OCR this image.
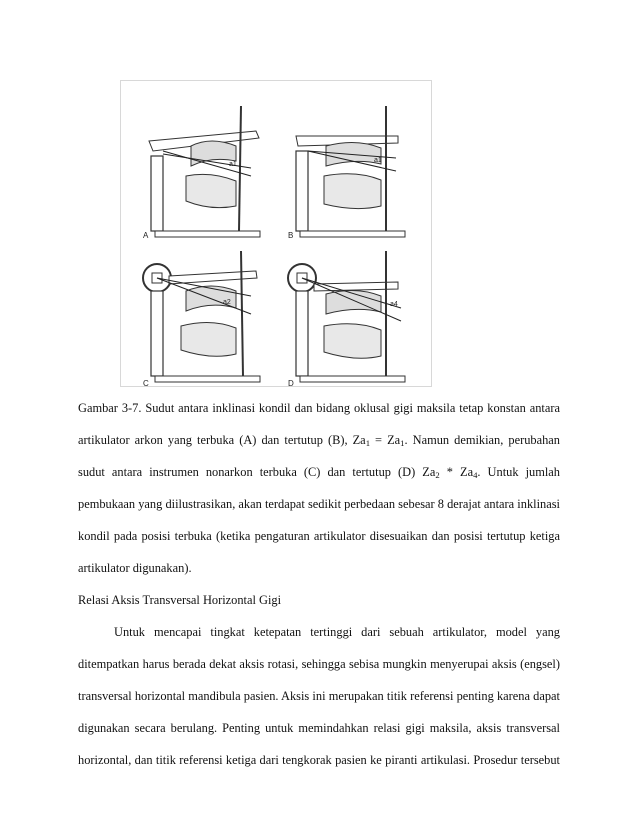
a1
A
a1
B
a2
C
a4
D
Gambar 3-7. Sudut antara inklinasi kondil dan bidang oklusal gigi maksila tetap konstan antara
artikulator arkon yang terbuka (A) dan tertutup (B), $Za_1 = Za_1$. Namun demikian, perubahan
sudut antara instrumen nonarkon terbuka (C) dan tertutup (D) $Za_2 * Za_4$. Untuk jumlah
pembukaan yang diilustrasikan, akan terdapat sedikit perbedaan sebesar 8 derajat antara inklinasi
kondil pada posisi terbuka (ketika pengaturan artikulator disesuaikan dan posisi tertutup ketiga
artikulator digunakan).
Relasi Aksis Transversal Horizontal Gigi
Untuk mencapai tingkat ketepatan tertinggi dari sebuah artikulator, model yang
ditempatkan harus berada dekat aksis rotasi, sehingga sebisa mungkin menyerupai aksis (engsel)
transversal horizontal mandibula pasien. Aksis ini merupakan titik referensi penting karena dapat
digunakan secara berulang. Penting untuk memindahkan relasi gigi maksila, aksis transversal
horizontal, dan titik referensi ketiga dari tengkorak pasien ke piranti artikulasi. Prosedur tersebut
